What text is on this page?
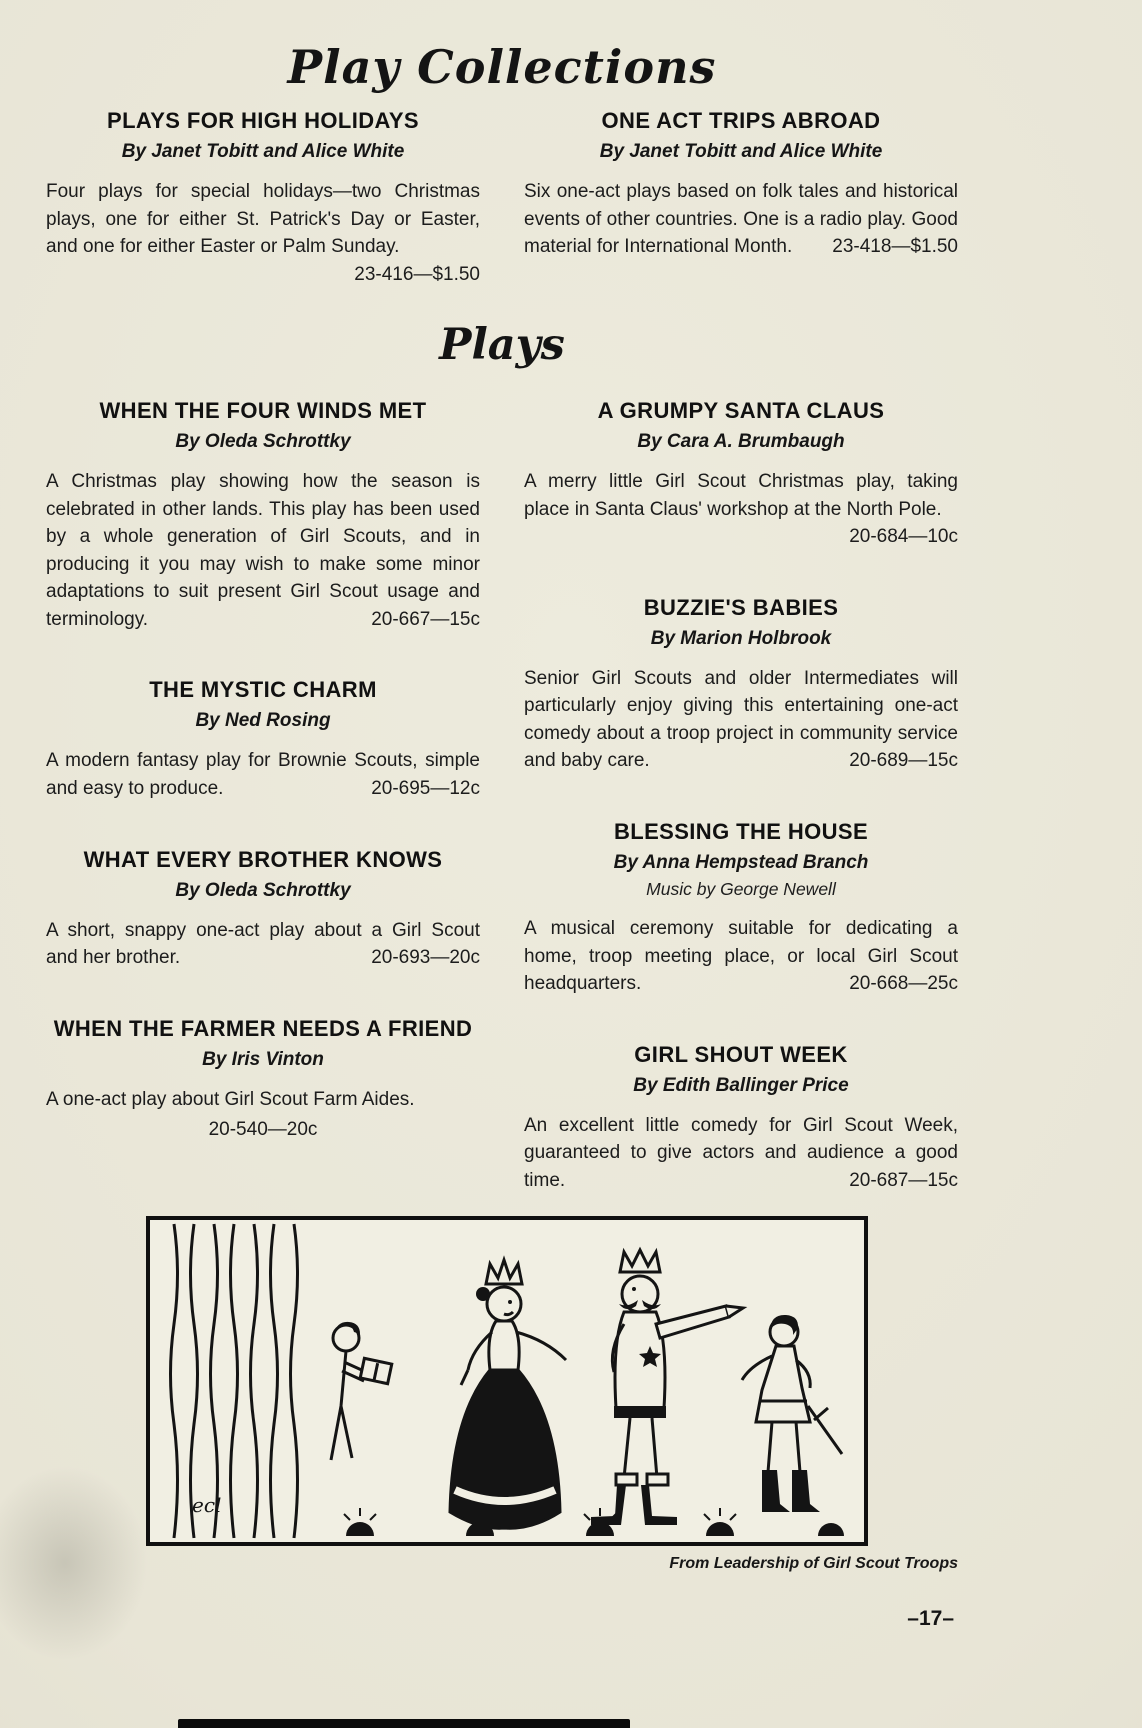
Play Collections
PLAYS FOR HIGH HOLIDAYS
By Janet Tobitt and Alice White

Four plays for special holidays—two Christmas plays, one for either St. Patrick's Day or Easter, and one for either Easter or Palm Sunday.
23-416—$1.50

ONE ACT TRIPS ABROAD
By Janet Tobitt and Alice White

Six one-act plays based on folk tales and historical events of other countries. One is a radio play. Good material for International Month. 23-418—$1.50

Plays
WHEN THE FOUR WINDS MET
By Oleda Schrottky

A Christmas play showing how the season is celebrated in other lands. This play has been used by a whole generation of Girl Scouts, and in producing it you may wish to make some minor adaptations to suit present Girl Scout usage and terminology.	20-667—15c

THE MYSTIC CHARM
By Ned Rosing

A modern fantasy play for Brownie Scouts, simple and easy to produce.	20-695—12c

WHAT EVERY BROTHER KNOWS
By Oleda Schrottky

A short, snappy one-act play about a Girl Scout and her brother.	20-693—20c

WHEN THE FARMER NEEDS A FRIEND
By Iris Vinton

A one-act play about Girl Scout Farm Aides.

20-540—20c
A GRUMPY SANTA CLAUS
By Cara A. Brumbaugh

A merry little Girl Scout Christmas play, taking place in Santa Claus' workshop at the North Pole.
20-684—10c

BUZZIE'S BABIES
By Marion Holbrook

Senior Girl Scouts and older Intermediates will particularly enjoy giving this entertaining one-act comedy about a troop project in community service and baby care.	20-689—15c

BLESSING THE HOUSE
By Anna Hempstead Branch
Music by George Newell

A musical ceremony suitable for dedicating a home, troop meeting place, or local Girl Scout headquarters.	20-668—25c

GIRL SHOUT WEEK
By Edith Ballinger Price

An excellent little comedy for Girl Scout Week, guaranteed to give actors and audience a good time.	20-687—15c

ecl
From Leadership of Girl Scout Troops
–17–
